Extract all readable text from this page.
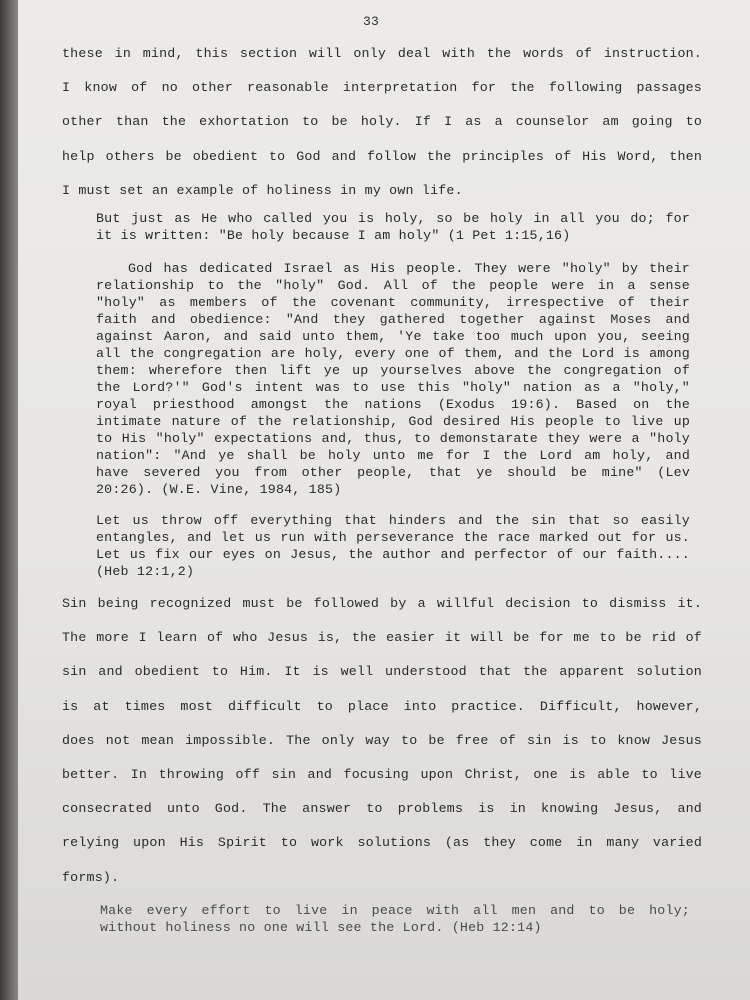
33
these in mind, this section will only deal with the words of instruction.
I know of no other reasonable interpretation for the following passages
other than the exhortation to be holy. If I as a counselor am going to
help others be obedient to God and follow the principles of His Word, then
I must set an example of holiness in my own life.
But just as He who called you is holy, so be holy in all you do; for
it is written: "Be holy because I am holy" (1 Pet 1:15,16)
God has dedicated Israel as His people. They were "holy" by their
relationship to the "holy" God. All of the people were in a sense
"holy" as members of the covenant community, irrespective of their
faith and obedience: "And they gathered together against Moses and
against Aaron, and said unto them, 'Ye take too much upon you, seeing
all the congregation are holy, every one of them, and the Lord is among
them: wherefore then lift ye up yourselves above the congregation of
the Lord?'" God's intent was to use this "holy" nation as a "holy,"
royal priesthood amongst the nations (Exodus 19:6). Based on the
intimate nature of the relationship, God desired His people to live up
to His "holy" expectations and, thus, to demonstarate they were a "holy
nation": "And ye shall be holy unto me for I the Lord am holy, and
have severed you from other people, that ye should be mine" (Lev
20:26). (W.E. Vine, 1984, 185)
Let us throw off everything that hinders and the sin that so easily
entangles, and let us run with perseverance the race marked out for us.
Let us fix our eyes on Jesus, the author and perfector of our faith....
(Heb 12:1,2)
Sin being recognized must be followed by a willful decision to dismiss it.
The more I learn of who Jesus is, the easier it will be for me to be rid of
sin and obedient to Him. It is well understood that the apparent solution
is at times most difficult to place into practice. Difficult, however,
does not mean impossible. The only way to be free of sin is to know Jesus
better. In throwing off sin and focusing upon Christ, one is able to live
consecrated unto God. The answer to problems is in knowing Jesus, and
relying upon His Spirit to work solutions (as they come in many varied
forms).
Make every effort to live in peace with all men and to be holy;
without holiness no one will see the Lord. (Heb 12:14)
